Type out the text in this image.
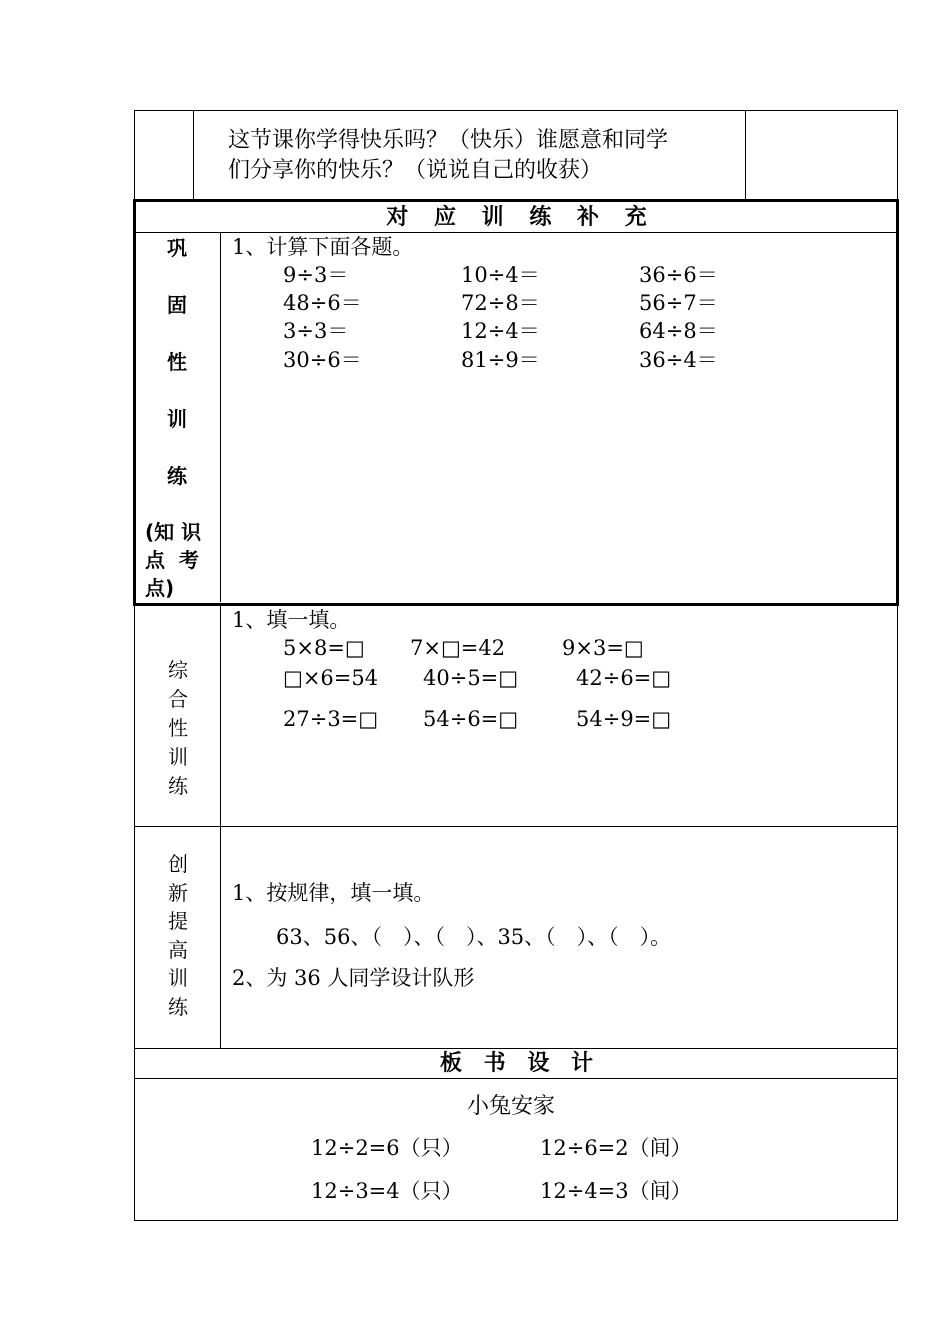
这节课你学得快乐吗？（快乐）谁愿意和同学
们分享你的快乐？（说说自己的收获）
对 应 训 练 补 充
巩
固
性
训
练
(知 识
点  考
点)
1、计算下面各题。
9÷3＝	10÷4＝	36÷6＝
48÷6＝	72÷8＝	56÷7＝
3÷3＝	12÷4＝	64÷8＝
30÷6＝	81÷9＝	36÷4＝
综
合
性
训
练
1、填一填。
5×8=□ 7×□=42	9×3=□
□×6=54 40÷5=□	42÷6=□
27÷3=□ 54÷6=□	54÷9=□
创
新
提
高
训
练
1、按规律，填一填。
63、56、（　）、（　）、35、（　）、（　）。
2、为 36 人同学设计队形
板 书 设 计
小兔安家
12÷2=6（只）	12÷6=2（间）
12÷3=4（只）	12÷4=3（间）
